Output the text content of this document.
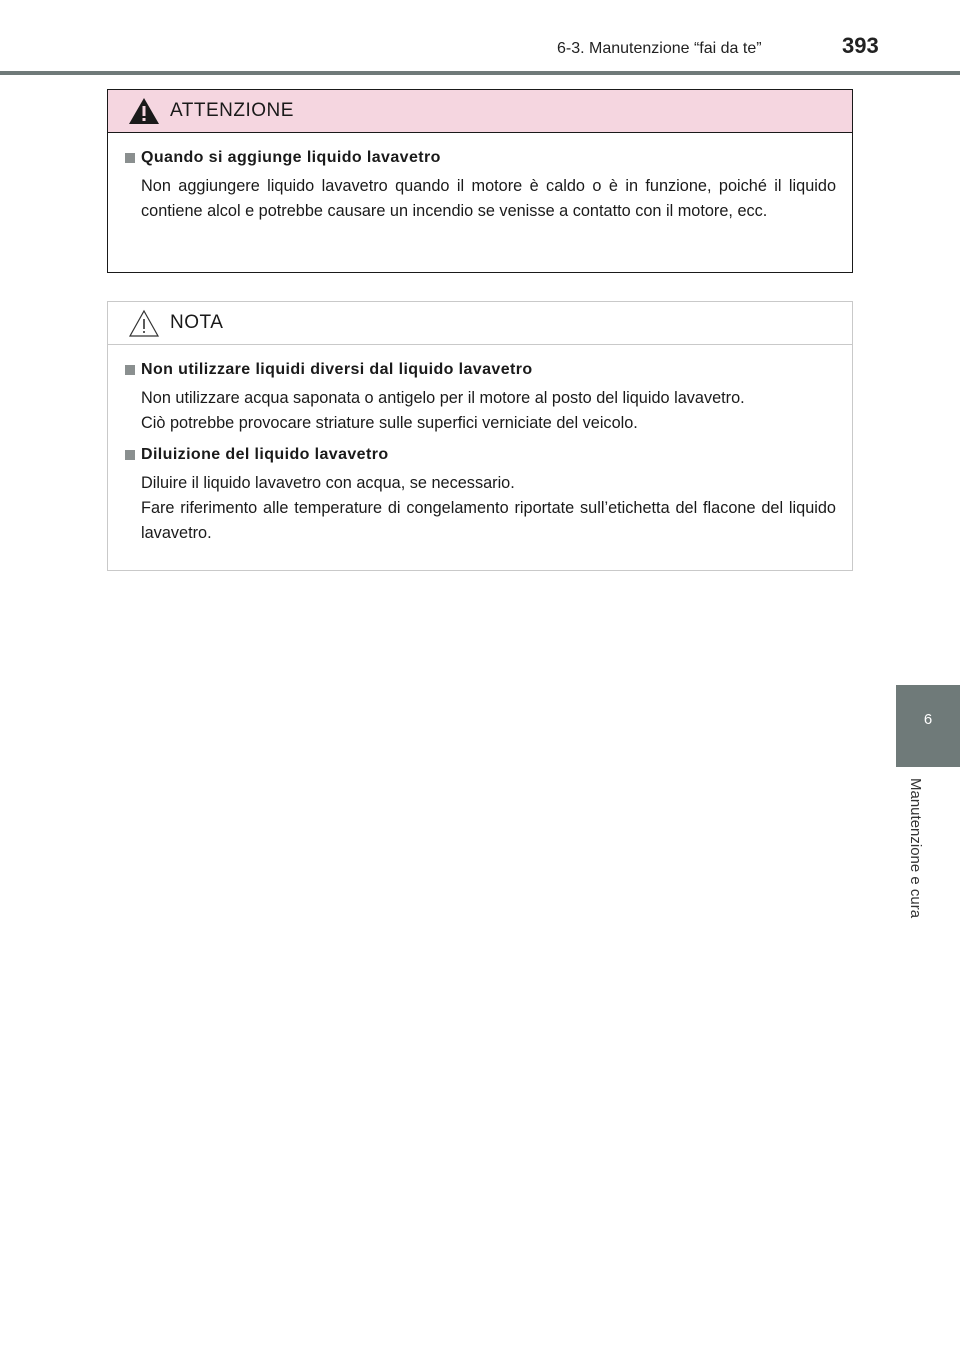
6-3. Manutenzione “fai da te”	393
6
Manutenzione e cura
ATTENZIONE
Quando si aggiunge liquido lavavetro
Non aggiungere liquido lavavetro quando il motore è caldo o è in funzione, poiché il liquido contiene alcol e potrebbe causare un incendio se venisse a contatto con il motore, ecc.
NOTA
Non utilizzare liquidi diversi dal liquido lavavetro
Non utilizzare acqua saponata o antigelo per il motore al posto del liquido lavavetro.
Ciò potrebbe provocare striature sulle superfici verniciate del veicolo.
Diluizione del liquido lavavetro
Diluire il liquido lavavetro con acqua, se necessario.
Fare riferimento alle temperature di congelamento riportate sull’etichetta del flacone del liquido lavavetro.
